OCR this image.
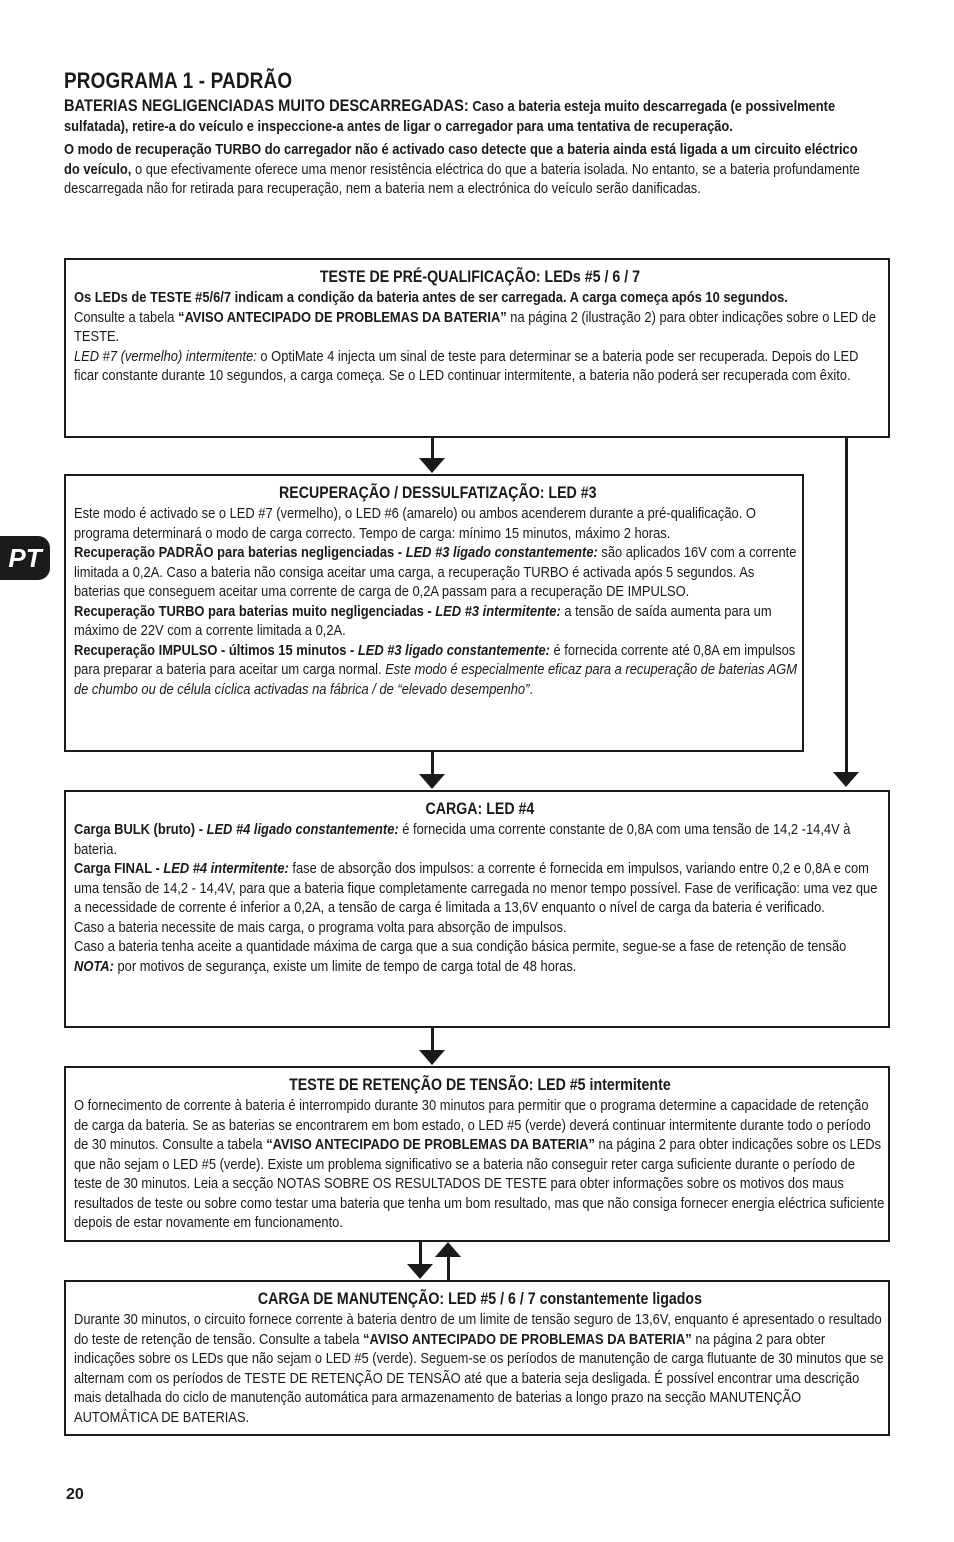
PT
PROGRAMA 1 - PADRÃO

BATERIAS NEGLIGENCIADAS MUITO DESCARREGADAS: Caso a bateria esteja muito descarregada (e possivelmente sulfatada), retire-a do veículo e inspeccione-a antes de ligar o carregador para uma tentativa de recuperação.

O modo de recuperação TURBO do carregador não é activado caso detecte que a bateria ainda está ligada a um circuito eléctrico do veículo, o que efectivamente oferece uma menor resistência eléctrica do que a bateria isolada. No entanto, se a bateria profundamente descarregada não for retirada para recuperação, nem a bateria nem a electrónica do veículo serão danificadas.

TESTE DE PRÉ-QUALIFICAÇÃO: LEDs #5 / 6 / 7

Os LEDs de TESTE #5/6/7 indicam a condição da bateria antes de ser carregada. A carga começa após 10 segundos.

Consulte a tabela “AVISO ANTECIPADO DE PROBLEMAS DA BATERIA” na página 2 (ilustração 2) para obter indicações sobre o LED de TESTE.

LED #7 (vermelho) intermitente: o OptiMate 4 injecta um sinal de teste para determinar se a bateria pode ser recuperada. Depois do LED ficar constante durante 10 segundos, a carga começa. Se o LED continuar intermitente, a bateria não poderá ser recuperada com êxito.

RECUPERAÇÃO / DESSULFATIZAÇÃO: LED #3

Este modo é activado se o LED #7 (vermelho), o LED #6 (amarelo) ou ambos acenderem durante a pré-qualificação. O programa determinará o modo de carga correcto. Tempo de carga: mínimo 15 minutos, máximo 2 horas.

Recuperação PADRÃO para baterias negligenciadas - LED #3 ligado constantemente: são aplicados 16V com a corrente limitada a 0,2A. Caso a bateria não consiga aceitar uma carga, a recuperação TURBO é activada após 5 segundos. As baterias que conseguem aceitar uma corrente de carga de 0,2A passam para a recuperação DE IMPULSO.

Recuperação TURBO para baterias muito negligenciadas - LED #3 intermitente: a tensão de saída aumenta para um máximo de 22V com a corrente limitada a 0,2A.

Recuperação IMPULSO - últimos 15 minutos - LED #3 ligado constantemente: é fornecida corrente até 0,8A em impulsos para preparar a bateria para aceitar um carga normal. Este modo é especialmente eficaz para a recuperação de baterias AGM de chumbo ou de célula cíclica activadas na fábrica / de “elevado desempenho”.

CARGA: LED #4

Carga BULK (bruto) - LED #4 ligado constantemente: é fornecida uma corrente constante de 0,8A com uma tensão de 14,2 -14,4V à bateria.

Carga FINAL - LED #4 intermitente: fase de absorção dos impulsos: a corrente é fornecida em impulsos, variando entre 0,2 e 0,8A e com uma tensão de 14,2 - 14,4V, para que a bateria fique completamente carregada no menor tempo possível. Fase de verificação: uma vez que a necessidade de corrente é inferior a 0,2A, a tensão de carga é limitada a 13,6V enquanto o nível de carga da bateria é verificado.

Caso a bateria necessite de mais carga, o programa volta para absorção de impulsos.

Caso a bateria tenha aceite a quantidade máxima de carga que a sua condição básica permite, segue-se a fase de retenção de tensão

NOTA: por motivos de segurança, existe um limite de tempo de carga total de 48 horas.

TESTE DE RETENÇÃO DE TENSÃO: LED #5 intermitente

O fornecimento de corrente à bateria é interrompido durante 30 minutos para permitir que o programa determine a capacidade de retenção de carga da bateria. Se as baterias se encontrarem em bom estado, o LED #5 (verde) deverá continuar intermitente durante todo o período de 30 minutos. Consulte a tabela “AVISO ANTECIPADO DE PROBLEMAS DA BATERIA” na página 2 para obter indicações sobre os LEDs que não sejam o LED #5 (verde). Existe um problema significativo se a bateria não conseguir reter carga suficiente durante o período de teste de 30 minutos. Leia a secção NOTAS SOBRE OS RESULTADOS DE TESTE para obter informações sobre os motivos dos maus resultados de teste ou sobre como testar uma bateria que tenha um bom resultado, mas que não consiga fornecer energia eléctrica suficiente depois de estar novamente em funcionamento.

CARGA DE MANUTENÇÃO: LED #5 / 6 / 7 constantemente ligados

Durante 30 minutos, o circuito fornece corrente à bateria dentro de um limite de tensão seguro de 13,6V, enquanto é apresentado o resultado do teste de retenção de tensão. Consulte a tabela “AVISO ANTECIPADO DE PROBLEMAS DA BATERIA” na página 2 para obter indicações sobre os LEDs que não sejam o LED #5 (verde). Seguem-se os períodos de manutenção de carga flutuante de 30 minutos que se alternam com os períodos de TESTE DE RETENÇÃO DE TENSÃO até que a bateria seja desligada. É possível encontrar uma descrição mais detalhada do ciclo de manutenção automática para armazenamento de baterias a longo prazo na secção MANUTENÇÃO AUTOMÁTICA DE BATERIAS.

20
